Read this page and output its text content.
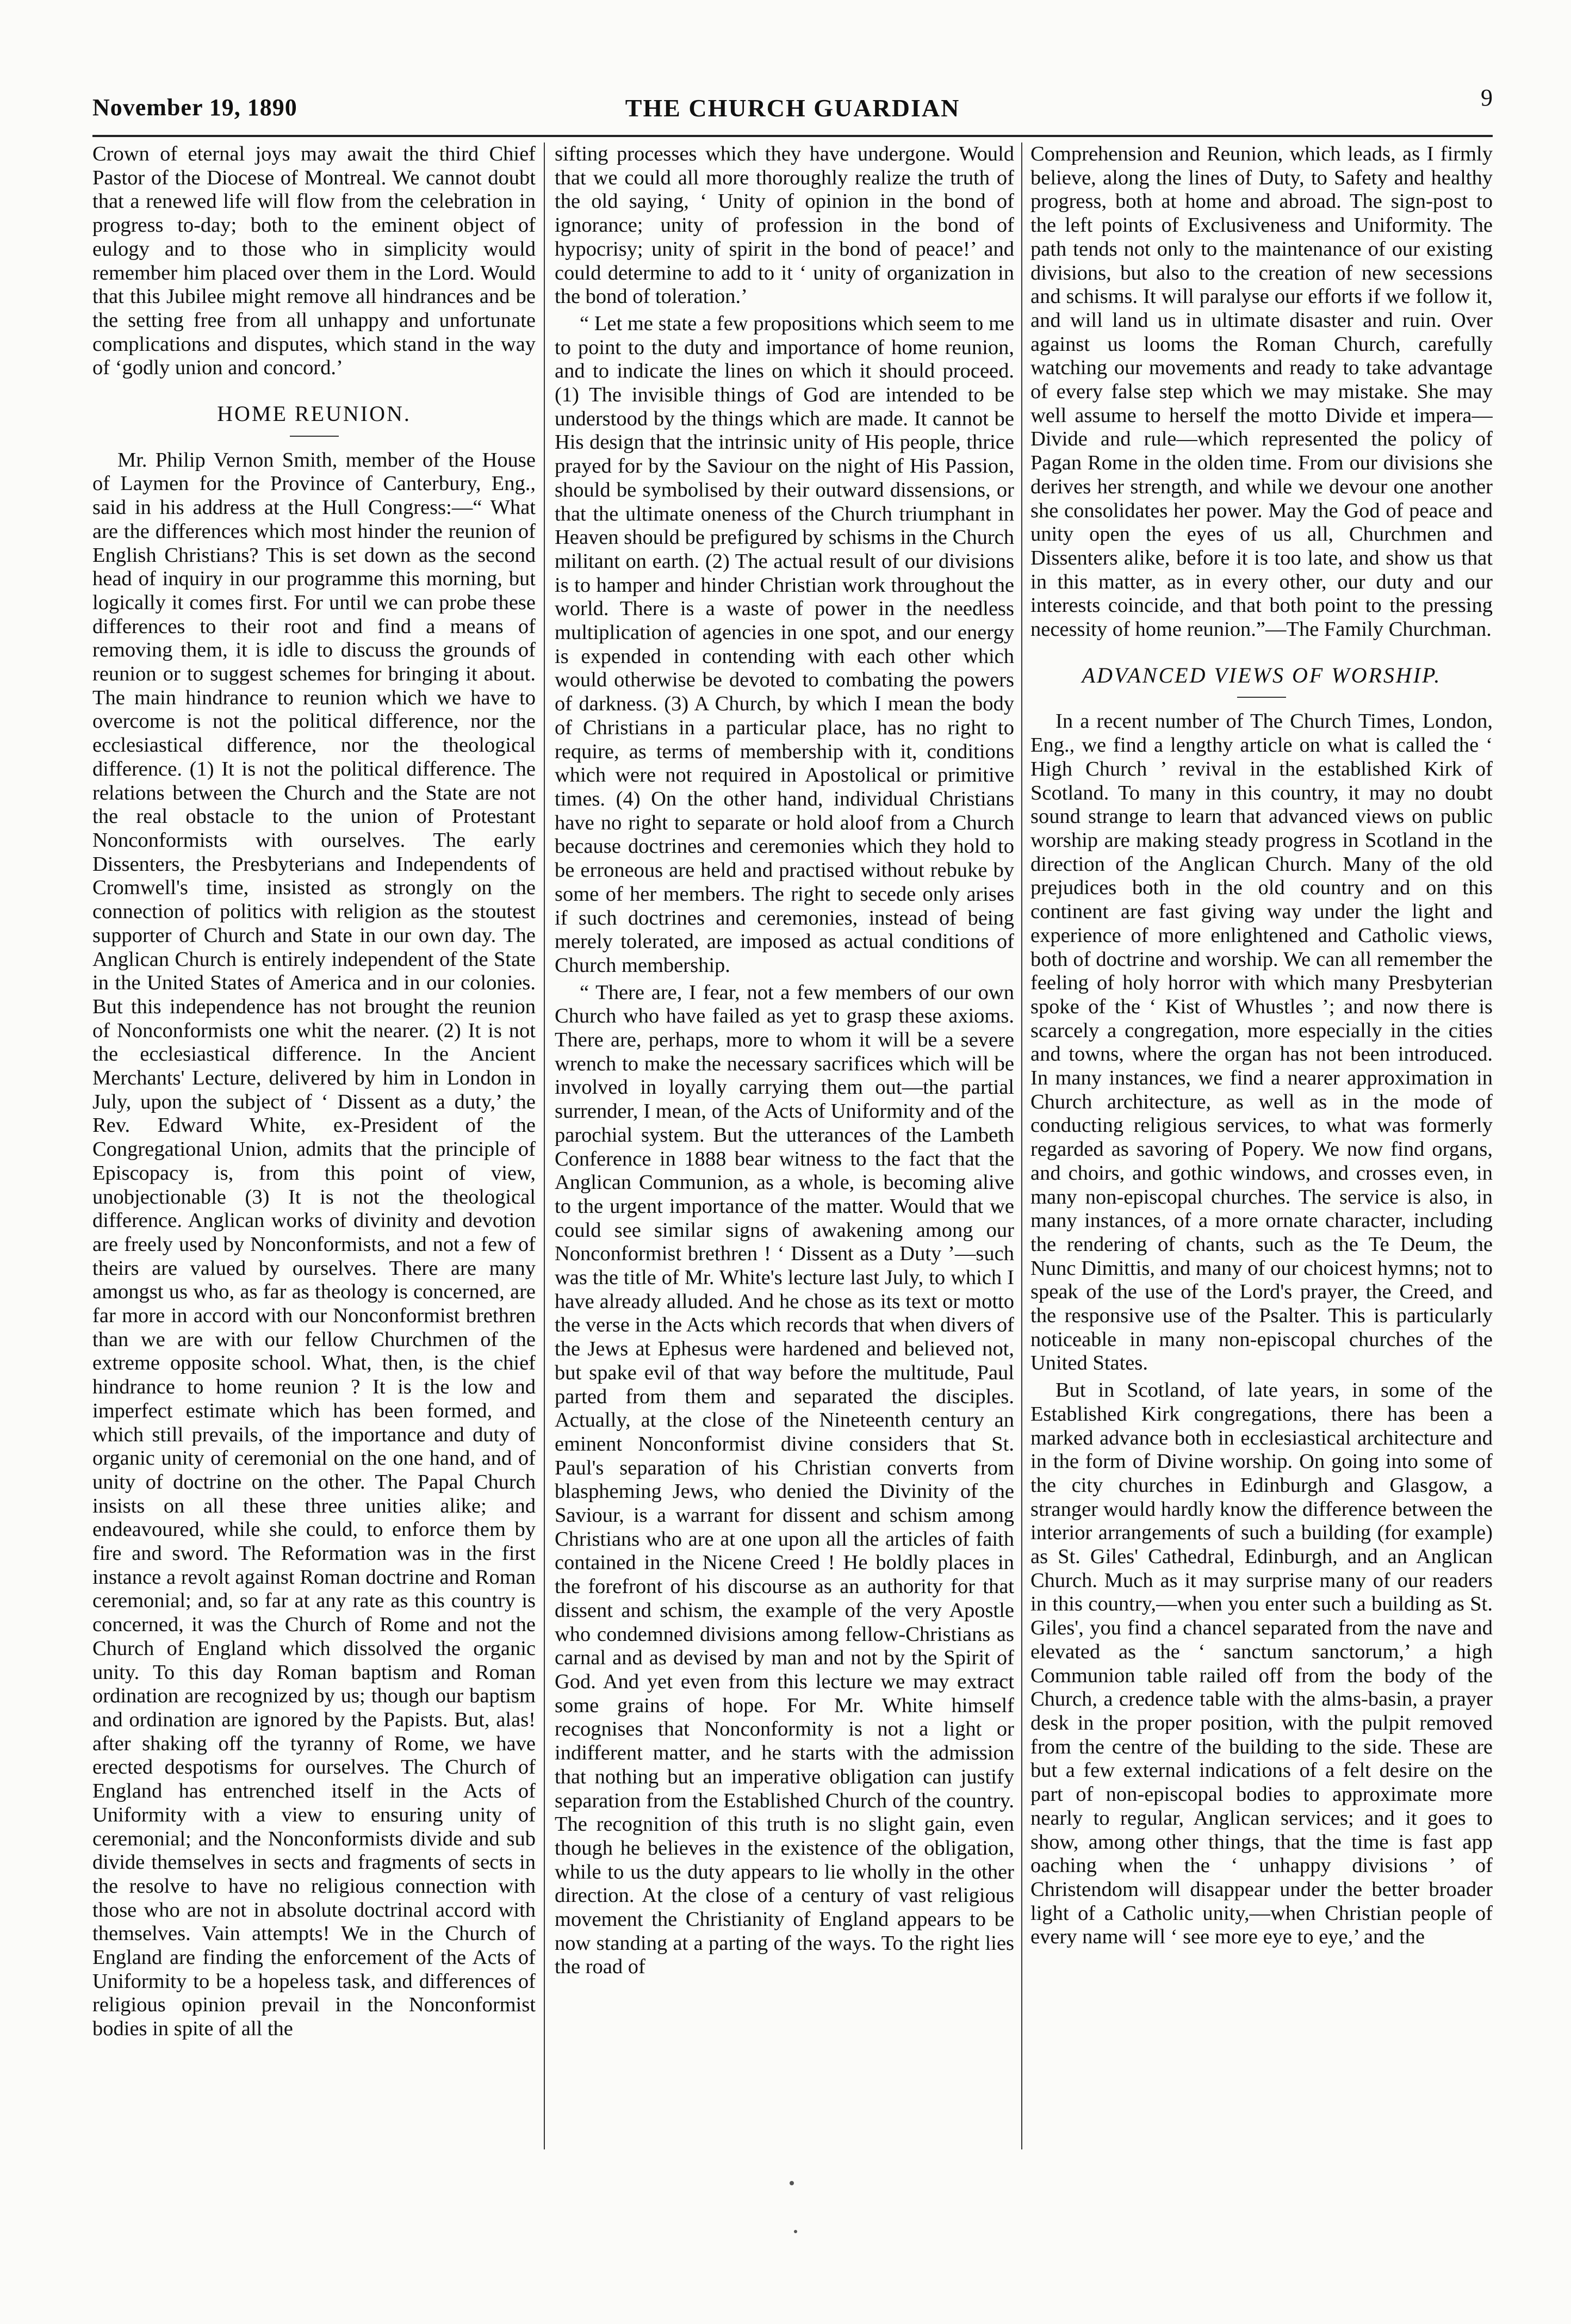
November 19, 1890	THE CHURCH GUARDIAN	9

Crown of eternal joys may await the third Chief Pastor of the Diocese of Montreal. We cannot doubt that a renewed life will flow from the celebration in progress to-day; both to the eminent object of eulogy and to those who in simplicity would remember him placed over them in the Lord. Would that this Jubilee might remove all hindrances and be the setting free from all unhappy and unfortunate complications and disputes, which stand in the way of ‘godly union and concord.’

HOME REUNION.

Mr. Philip Vernon Smith, member of the House of Laymen for the Province of Canterbury, Eng., said in his address at the Hull Congress:—“ What are the differences which most hinder the reunion of English Christians? This is set down as the second head of inquiry in our programme this morning, but logically it comes first. For until we can probe these differences to their root and find a means of removing them, it is idle to discuss the grounds of reunion or to suggest schemes for bringing it about. The main hindrance to reunion which we have to overcome is not the political difference, nor the ecclesiastical difference, nor the theological difference. (1) It is not the political difference. The relations between the Church and the State are not the real obstacle to the union of Protestant Nonconformists with ourselves. The early Dissenters, the Presbyterians and Independents of Cromwell's time, insisted as strongly on the connection of politics with religion as the stoutest supporter of Church and State in our own day. The Anglican Church is entirely independent of the State in the United States of America and in our colonies. But this independence has not brought the reunion of Nonconformists one whit the nearer. (2) It is not the ecclesiastical difference. In the Ancient Merchants' Lecture, delivered by him in London in July, upon the subject of ‘ Dissent as a duty,’ the Rev. Edward White, ex-President of the Congregational Union, admits that the principle of Episcopacy is, from this point of view, unobjectionable (3) It is not the theological difference. Anglican works of divinity and devotion are freely used by Nonconformists, and not a few of theirs are valued by ourselves. There are many amongst us who, as far as theology is concerned, are far more in accord with our Nonconformist brethren than we are with our fellow Churchmen of the extreme opposite school. What, then, is the chief hindrance to home reunion ? It is the low and imperfect estimate which has been formed, and which still prevails, of the importance and duty of organic unity of ceremonial on the one hand, and of unity of doctrine on the other. The Papal Church insists on all these three unities alike; and endeavoured, while she could, to enforce them by fire and sword. The Reformation was in the first instance a revolt against Roman doctrine and Roman ceremonial; and, so far at any rate as this country is concerned, it was the Church of Rome and not the Church of England which dissolved the organic unity. To this day Roman baptism and Roman ordination are recognized by us; though our baptism and ordination are ignored by the Papists. But, alas! after shaking off the tyranny of Rome, we have erected despotisms for ourselves. The Church of England has entrenched itself in the Acts of Uniformity with a view to ensuring unity of ceremonial; and the Nonconformists divide and sub divide themselves in sects and fragments of sects in the resolve to have no religious connection with those who are not in absolute doctrinal accord with themselves. Vain attempts! We in the Church of England are finding the enforcement of the Acts of Uniformity to be a hopeless task, and differences of religious opinion prevail in the Nonconformist bodies in spite of all the

sifting processes which they have undergone. Would that we could all more thoroughly realize the truth of the old saying, ‘ Unity of opinion in the bond of ignorance; unity of profession in the bond of hypocrisy; unity of spirit in the bond of peace!’ and could determine to add to it ‘ unity of organization in the bond of toleration.’

“ Let me state a few propositions which seem to me to point to the duty and importance of home reunion, and to indicate the lines on which it should proceed. (1) The invisible things of God are intended to be understood by the things which are made. It cannot be His design that the intrinsic unity of His people, thrice prayed for by the Saviour on the night of His Passion, should be symbolised by their outward dissensions, or that the ultimate oneness of the Church triumphant in Heaven should be prefigured by schisms in the Church militant on earth. (2) The actual result of our divisions is to hamper and hinder Christian work throughout the world. There is a waste of power in the needless multiplication of agencies in one spot, and our energy is expended in contending with each other which would otherwise be devoted to combating the powers of darkness. (3) A Church, by which I mean the body of Christians in a particular place, has no right to require, as terms of membership with it, conditions which were not required in Apostolical or primitive times. (4) On the other hand, individual Christians have no right to separate or hold aloof from a Church because doctrines and ceremonies which they hold to be erroneous are held and practised without rebuke by some of her members. The right to secede only arises if such doctrines and ceremonies, instead of being merely tolerated, are imposed as actual conditions of Church membership.

“ There are, I fear, not a few members of our own Church who have failed as yet to grasp these axioms. There are, perhaps, more to whom it will be a severe wrench to make the necessary sacrifices which will be involved in loyally carrying them out—the partial surrender, I mean, of the Acts of Uniformity and of the parochial system. But the utterances of the Lambeth Conference in 1888 bear witness to the fact that the Anglican Communion, as a whole, is becoming alive to the urgent importance of the matter. Would that we could see similar signs of awakening among our Nonconformist brethren ! ‘ Dissent as a Duty ’—such was the title of Mr. White's lecture last July, to which I have already alluded. And he chose as its text or motto the verse in the Acts which records that when divers of the Jews at Ephesus were hardened and believed not, but spake evil of that way before the multitude, Paul parted from them and separated the disciples. Actually, at the close of the Nineteenth century an eminent Nonconformist divine considers that St. Paul's separation of his Christian converts from blaspheming Jews, who denied the Divinity of the Saviour, is a warrant for dissent and schism among Christians who are at one upon all the articles of faith contained in the Nicene Creed ! He boldly places in the forefront of his discourse as an authority for that dissent and schism, the example of the very Apostle who condemned divisions among fellow-Christians as carnal and as devised by man and not by the Spirit of God. And yet even from this lecture we may extract some grains of hope. For Mr. White himself recognises that Nonconformity is not a light or indifferent matter, and he starts with the admission that nothing but an imperative obligation can justify separation from the Established Church of the country. The recognition of this truth is no slight gain, even though he believes in the existence of the obligation, while to us the duty appears to lie wholly in the other direction. At the close of a century of vast religious movement the Christianity of England appears to be now standing at a parting of the ways. To the right lies the road of

Comprehension and Reunion, which leads, as I firmly believe, along the lines of Duty, to Safety and healthy progress, both at home and abroad. The sign-post to the left points of Exclusiveness and Uniformity. The path tends not only to the maintenance of our existing divisions, but also to the creation of new secessions and schisms. It will paralyse our efforts if we follow it, and will land us in ultimate disaster and ruin. Over against us looms the Roman Church, carefully watching our movements and ready to take advantage of every false step which we may mistake. She may well assume to herself the motto Divide et impera—Divide and rule—which represented the policy of Pagan Rome in the olden time. From our divisions she derives her strength, and while we devour one another she consolidates her power. May the God of peace and unity open the eyes of us all, Churchmen and Dissenters alike, before it is too late, and show us that in this matter, as in every other, our duty and our interests coincide, and that both point to the pressing necessity of home reunion.”—The Family Churchman.

ADVANCED VIEWS OF WORSHIP.

In a recent number of The Church Times, London, Eng., we find a lengthy article on what is called the ‘ High Church ’ revival in the established Kirk of Scotland. To many in this country, it may no doubt sound strange to learn that advanced views on public worship are making steady progress in Scotland in the direction of the Anglican Church. Many of the old prejudices both in the old country and on this continent are fast giving way under the light and experience of more enlightened and Catholic views, both of doctrine and worship. We can all remember the feeling of holy horror with which many Presbyterian spoke of the ‘ Kist of Whustles ’; and now there is scarcely a congregation, more especially in the cities and towns, where the organ has not been introduced. In many instances, we find a nearer approximation in Church architecture, as well as in the mode of conducting religious services, to what was formerly regarded as savoring of Popery. We now find organs, and choirs, and gothic windows, and crosses even, in many non-episcopal churches. The service is also, in many instances, of a more ornate character, including the rendering of chants, such as the Te Deum, the Nunc Dimittis, and many of our choicest hymns; not to speak of the use of the Lord's prayer, the Creed, and the responsive use of the Psalter. This is particularly noticeable in many non-episcopal churches of the United States.

But in Scotland, of late years, in some of the Established Kirk congregations, there has been a marked advance both in ecclesiastical architecture and in the form of Divine worship. On going into some of the city churches in Edinburgh and Glasgow, a stranger would hardly know the difference between the interior arrangements of such a building (for example) as St. Giles' Cathedral, Edinburgh, and an Anglican Church. Much as it may surprise many of our readers in this country,—when you enter such a building as St. Giles', you find a chancel separated from the nave and elevated as the ‘ sanctum sanctorum,’ a high Communion table railed off from the body of the Church, a credence table with the alms-basin, a prayer desk in the proper position, with the pulpit removed from the centre of the building to the side. These are but a few external indications of a felt desire on the part of non-episcopal bodies to approximate more nearly to regular, Anglican services; and it goes to show, among other things, that the time is fast app oaching when the ‘ unhappy divisions ’ of Christendom will disappear under the better broader light of a Catholic unity,—when Christian people of every name will ‘ see more eye to eye,’ and the
